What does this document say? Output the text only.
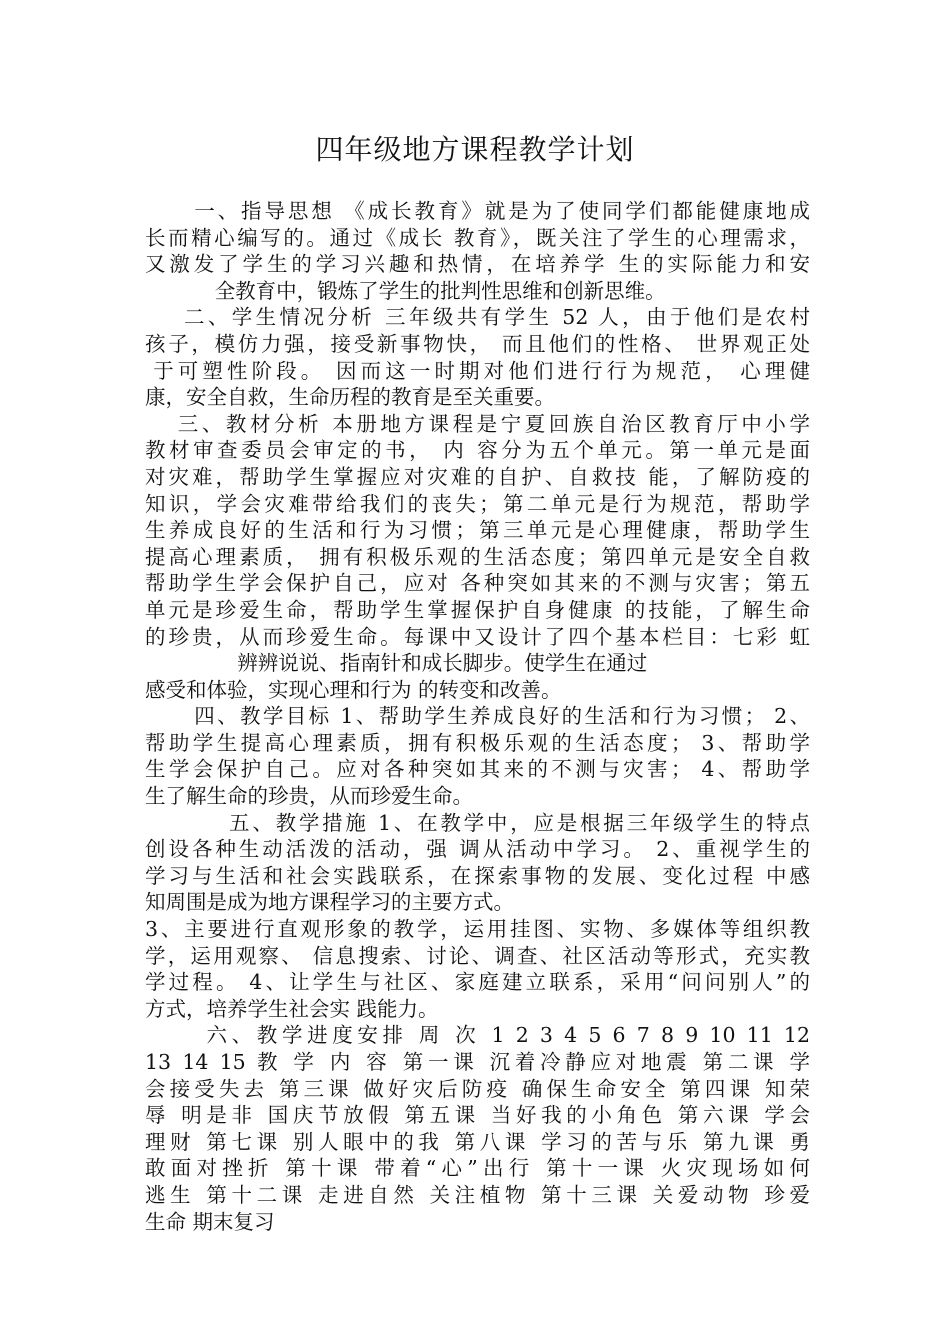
四年级地方课程教学计划
一、指导思想 《成长教育》就是为了使同学们都能健康地成
长而精心编写的。通过《成长 教育》，既关注了学生的心理需求，
又激发了学生的学习兴趣和热情，在培养学 生的实际能力和安
全教育中，锻炼了学生的批判性思维和创新思维。
二、学生情况分析 三年级共有学生 52 人，由于他们是农村
孩子，模仿力强，接受新事物快， 而且他们的性格、 世界观正处
于可塑性阶段。 因而这一时期对他们进行行为规范， 心理健
康，安全自救，生命历程的教育是至关重要。
三、教材分析 本册地方课程是宁夏回族自治区教育厅中小学
教材审查委员会审定的书， 内 容分为五个单元。第一单元是面
对灾难，帮助学生掌握应对灾难的自护、自救技 能，了解防疫的
知识，学会灾难带给我们的丧失；第二单元是行为规范，帮助学
生养成良好的生活和行为习惯；第三单元是心理健康，帮助学生
提高心理素质， 拥有积极乐观的生活态度；第四单元是安全自救
帮助学生学会保护自己，应对 各种突如其来的不测与灾害；第五
单元是珍爱生命，帮助学生掌握保护自身健康 的技能，了解生命
的珍贵，从而珍爱生命。每课中又设计了四个基本栏目：七彩 虹
辨辨说说、指南针和成长脚步。使学生在通过
感受和体验，实现心理和行为 的转变和改善。
四、教学目标 1、帮助学生养成良好的生活和行为习惯； 2、
帮助学生提高心理素质，拥有积极乐观的生活态度； 3、帮助学
生学会保护自己。应对各种突如其来的不测与灾害； 4、帮助学
生了解生命的珍贵，从而珍爱生命。
五、教学措施 1、在教学中，应是根据三年级学生的特点
创设各种生动活泼的活动，强 调从活动中学习。 2、重视学生的
学习与生活和社会实践联系，在探索事物的发展、变化过程 中感
知周围是成为地方课程学习的主要方式。
3、主要进行直观形象的教学，运用挂图、实物、多媒体等组织教
学，运用观察、 信息搜索、讨论、调查、社区活动等形式，充实教
学过程。 4、让学生与社区、家庭建立联系，采用“问问别人”的
方式，培养学生社会实 践能力。
六、教学进度安排 周 次 1 2 3 4 5 6 7 8 9 10 11 12
13 14 15 教 学 内 容 第一课 沉着冷静应对地震 第二课 学
会接受失去 第三课 做好灾后防疫 确保生命安全 第四课 知荣
辱 明是非 国庆节放假 第五课 当好我的小角色 第六课 学会
理财 第七课 别人眼中的我 第八课 学习的苦与乐 第九课 勇
敢面对挫折 第十课 带着“心”出行 第十一课 火灾现场如何
逃生 第十二课 走进自然 关注植物 第十三课 关爱动物 珍爱
生命 期末复习
